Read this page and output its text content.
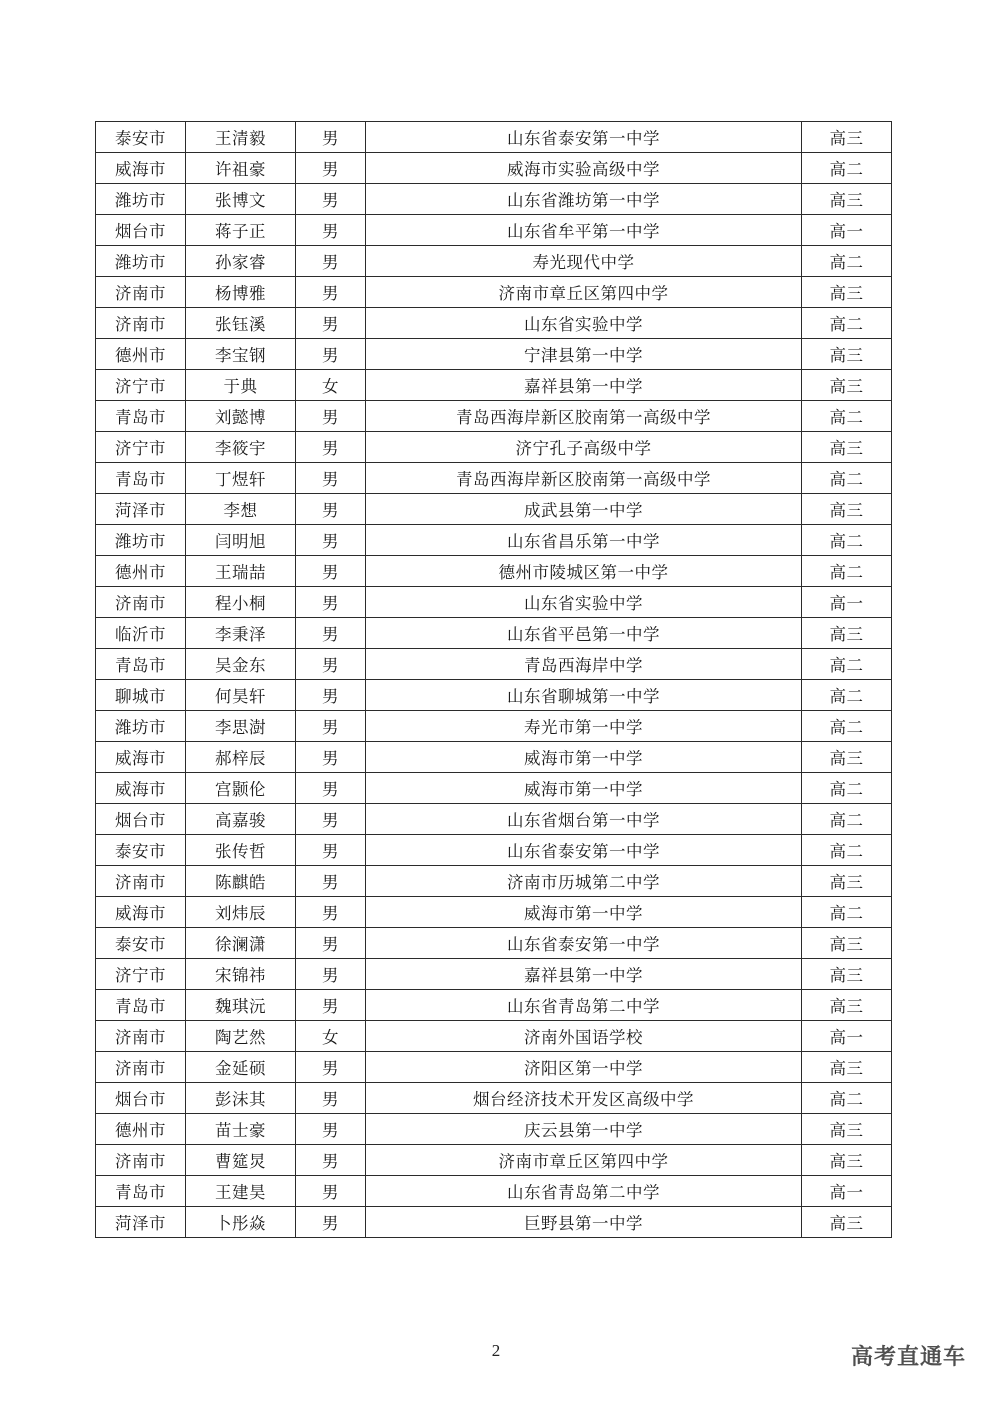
泰安市	王清毅	男	山东省泰安第一中学	高三
威海市	许祖豪	男	威海市实验高级中学	高二
潍坊市	张博文	男	山东省潍坊第一中学	高三
烟台市	蒋子正	男	山东省牟平第一中学	高一
潍坊市	孙家睿	男	寿光现代中学	高二
济南市	杨博雅	男	济南市章丘区第四中学	高三
济南市	张钰溪	男	山东省实验中学	高二
德州市	李宝钢	男	宁津县第一中学	高三
济宁市	于典	女	嘉祥县第一中学	高三
青岛市	刘懿博	男	青岛西海岸新区胶南第一高级中学	高二
济宁市	李筱宇	男	济宁孔子高级中学	高三
青岛市	丁煜轩	男	青岛西海岸新区胶南第一高级中学	高二
菏泽市	李想	男	成武县第一中学	高三
潍坊市	闫明旭	男	山东省昌乐第一中学	高二
德州市	王瑞喆	男	德州市陵城区第一中学	高二
济南市	程小桐	男	山东省实验中学	高一
临沂市	李秉泽	男	山东省平邑第一中学	高三
青岛市	吴金东	男	青岛西海岸中学	高二
聊城市	何昊轩	男	山东省聊城第一中学	高二
潍坊市	李思澍	男	寿光市第一中学	高二
威海市	郝梓辰	男	威海市第一中学	高三
威海市	宫颢伦	男	威海市第一中学	高二
烟台市	高嘉骏	男	山东省烟台第一中学	高二
泰安市	张传哲	男	山东省泰安第一中学	高二
济南市	陈麒皓	男	济南市历城第二中学	高三
威海市	刘炜辰	男	威海市第一中学	高二
泰安市	徐澜潇	男	山东省泰安第一中学	高三
济宁市	宋锦祎	男	嘉祥县第一中学	高三
青岛市	魏琪沅	男	山东省青岛第二中学	高三
济南市	陶艺然	女	济南外国语学校	高一
济南市	金延硕	男	济阳区第一中学	高三
烟台市	彭沫其	男	烟台经济技术开发区高级中学	高二
德州市	苗士豪	男	庆云县第一中学	高三
济南市	曹筵炅	男	济南市章丘区第四中学	高三
青岛市	王建昊	男	山东省青岛第二中学	高一
菏泽市	卜彤焱	男	巨野县第一中学	高三
2	高考直通车
